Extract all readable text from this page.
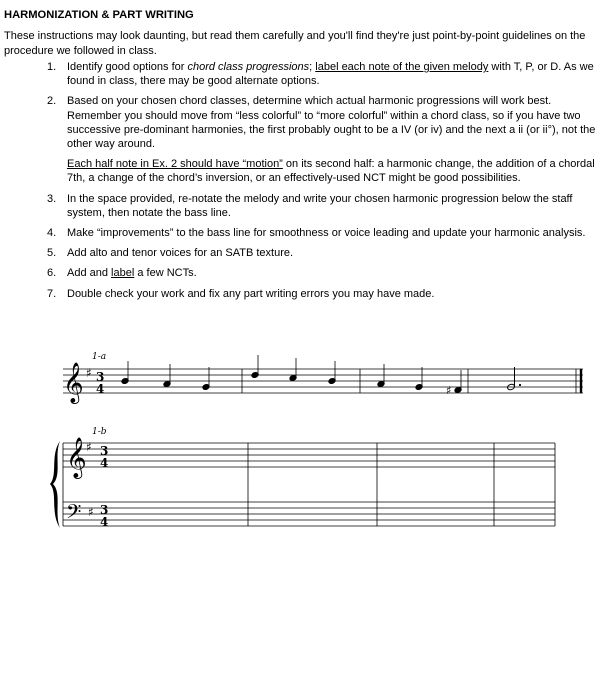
HARMONIZATION & PART WRITING
These instructions may look daunting, but read them carefully and you'll find they're just point-by-point guidelines on the procedure we followed in class.
1. Identify good options for chord class progressions; label each note of the given melody with T, P, or D. As we found in class, there may be good alternate options.
2. Based on your chosen chord classes, determine which actual harmonic progressions will work best. Remember you should move from “less colorful” to “more colorful” within a chord class, so if you have two successive pre-dominant harmonies, the first probably ought to be a IV (or iv) and the next a ii (or ii°), not the other way around.
Each half note in Ex. 2 should have “motion” on its second half: a harmonic change, the addition of a chordal 7th, a change of the chord’s inversion, or an effectively-used NCT might be good possibilities.
3. In the space provided, re-notate the melody and write your chosen harmonic progression below the staff system, then notate the bass line.
4. Make “improvements” to the bass line for smoothness or voice leading and update your harmonic analysis.
5. Add alto and tenor voices for an SATB texture.
6. Add and label a few NCTs.
7. Double check your work and fix any part writing errors you may have made.
1-a
𝄞 ♯ 3
4	♯
1-b
𝄞 ♯ 3
4
𝄢 ♯ 3
4
